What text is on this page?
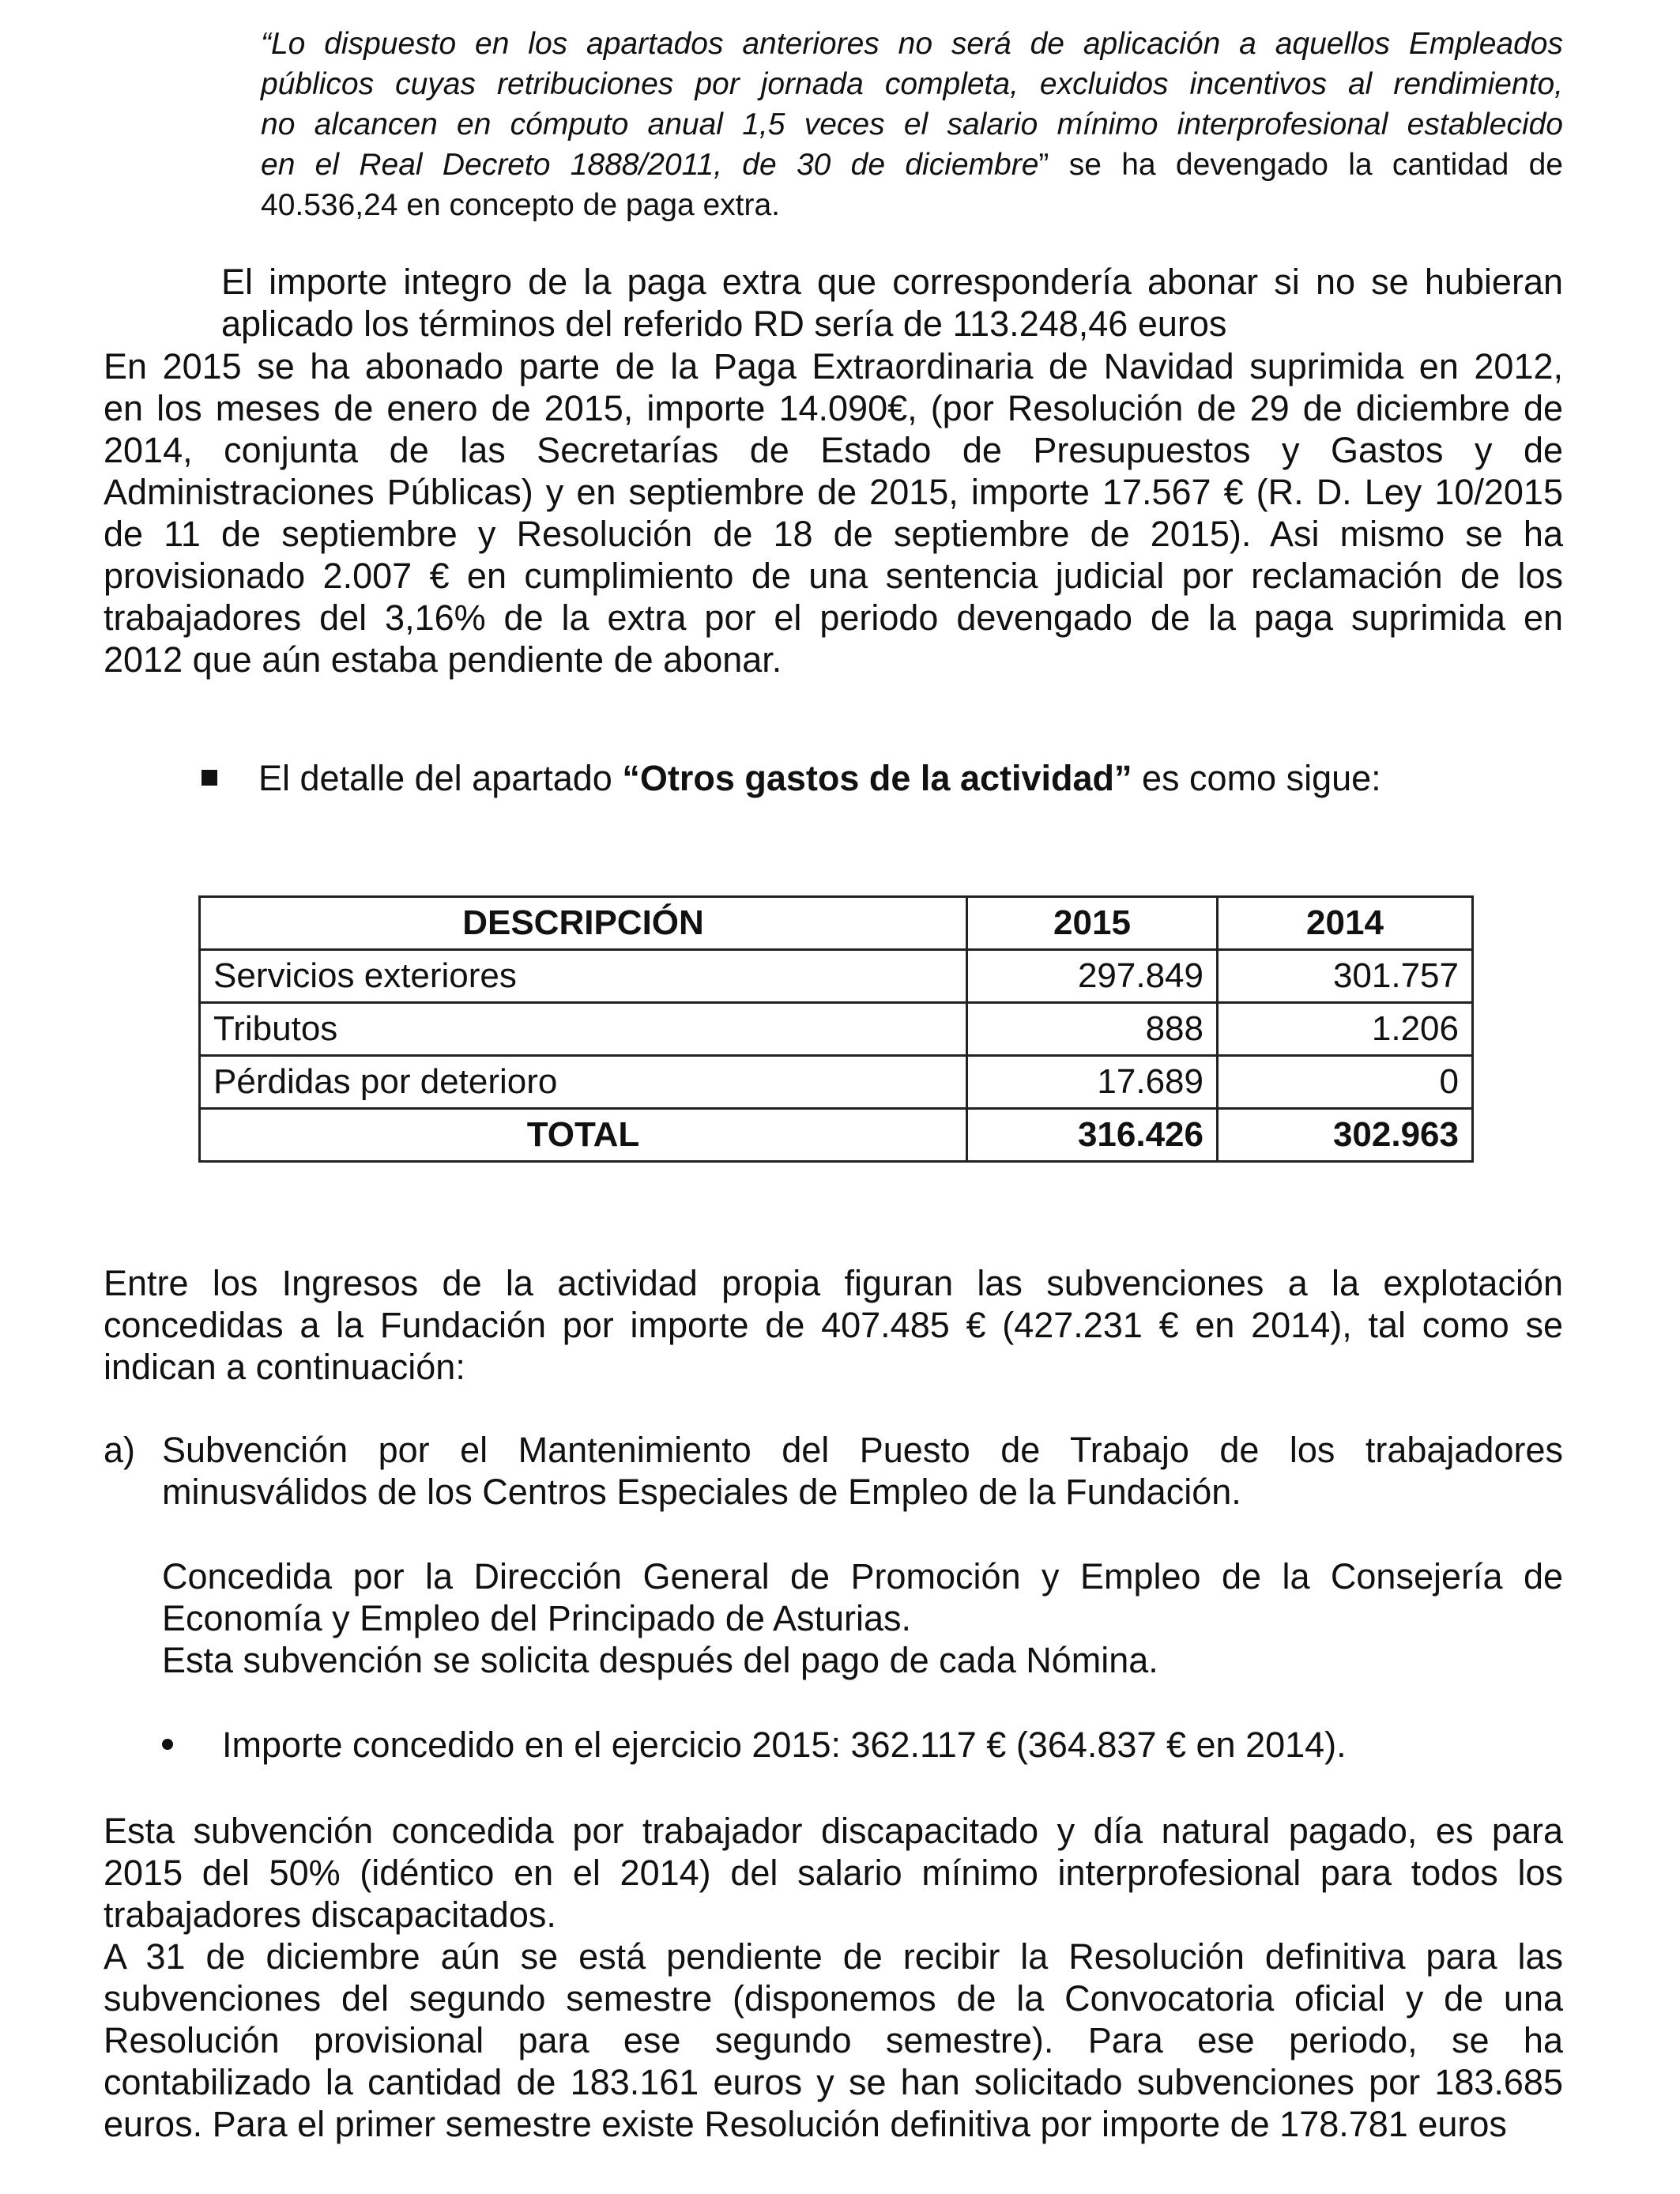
“Lo dispuesto en los apartados anteriores no será de aplicación a aquellos Empleados
públicos cuyas retribuciones por jornada completa, excluidos incentivos al rendimiento,
no alcancen en cómputo anual 1,5 veces el salario mínimo interprofesional establecido
en el Real Decreto 1888/2011, de 30 de diciembre” se ha devengado la cantidad de
40.536,24 en concepto de paga extra.
El importe integro de la paga extra que correspondería abonar si no se hubieran
aplicado los términos del referido RD sería de 113.248,46 euros
En 2015 se ha abonado parte de la Paga Extraordinaria de Navidad suprimida en 2012,
en los meses de enero de 2015, importe 14.090€, (por Resolución de 29 de diciembre de
2014, conjunta de las Secretarías de Estado de Presupuestos y Gastos y de
Administraciones Públicas) y en septiembre de 2015, importe 17.567 € (R. D. Ley 10/2015
de 11 de septiembre y Resolución de 18 de septiembre de 2015). Asi mismo se ha
provisionado 2.007 € en cumplimiento de una sentencia judicial por reclamación de los
trabajadores del 3,16% de la extra por el periodo devengado de la paga suprimida en
2012 que aún estaba pendiente de abonar.
El detalle del apartado “Otros gastos de la actividad” es como sigue:
DESCRIPCIÓN	2015	2014
Servicios exteriores	297.849	301.757
Tributos	888	1.206
Pérdidas por deterioro	17.689	0
TOTAL	316.426	302.963
Entre los Ingresos de la actividad propia figuran las subvenciones a la explotación
concedidas a la Fundación por importe de 407.485 € (427.231 € en 2014), tal como se
indican a continuación:
a) Subvención por el Mantenimiento del Puesto de Trabajo de los trabajadores
minusválidos de los Centros Especiales de Empleo de la Fundación.
Concedida por la Dirección General de Promoción y Empleo de la Consejería de
Economía y Empleo del Principado de Asturias.
Esta subvención se solicita después del pago de cada Nómina.
Importe concedido en el ejercicio 2015: 362.117 € (364.837 € en 2014).
Esta subvención concedida por trabajador discapacitado y día natural pagado, es para
2015 del 50% (idéntico en el 2014) del salario mínimo interprofesional para todos los
trabajadores discapacitados.
A 31 de diciembre aún se está pendiente de recibir la Resolución definitiva para las
subvenciones del segundo semestre (disponemos de la Convocatoria oficial y de una
Resolución provisional para ese segundo semestre). Para ese periodo, se ha
contabilizado la cantidad de 183.161 euros y se han solicitado subvenciones por 183.685
euros. Para el primer semestre existe Resolución definitiva por importe de 178.781 euros
